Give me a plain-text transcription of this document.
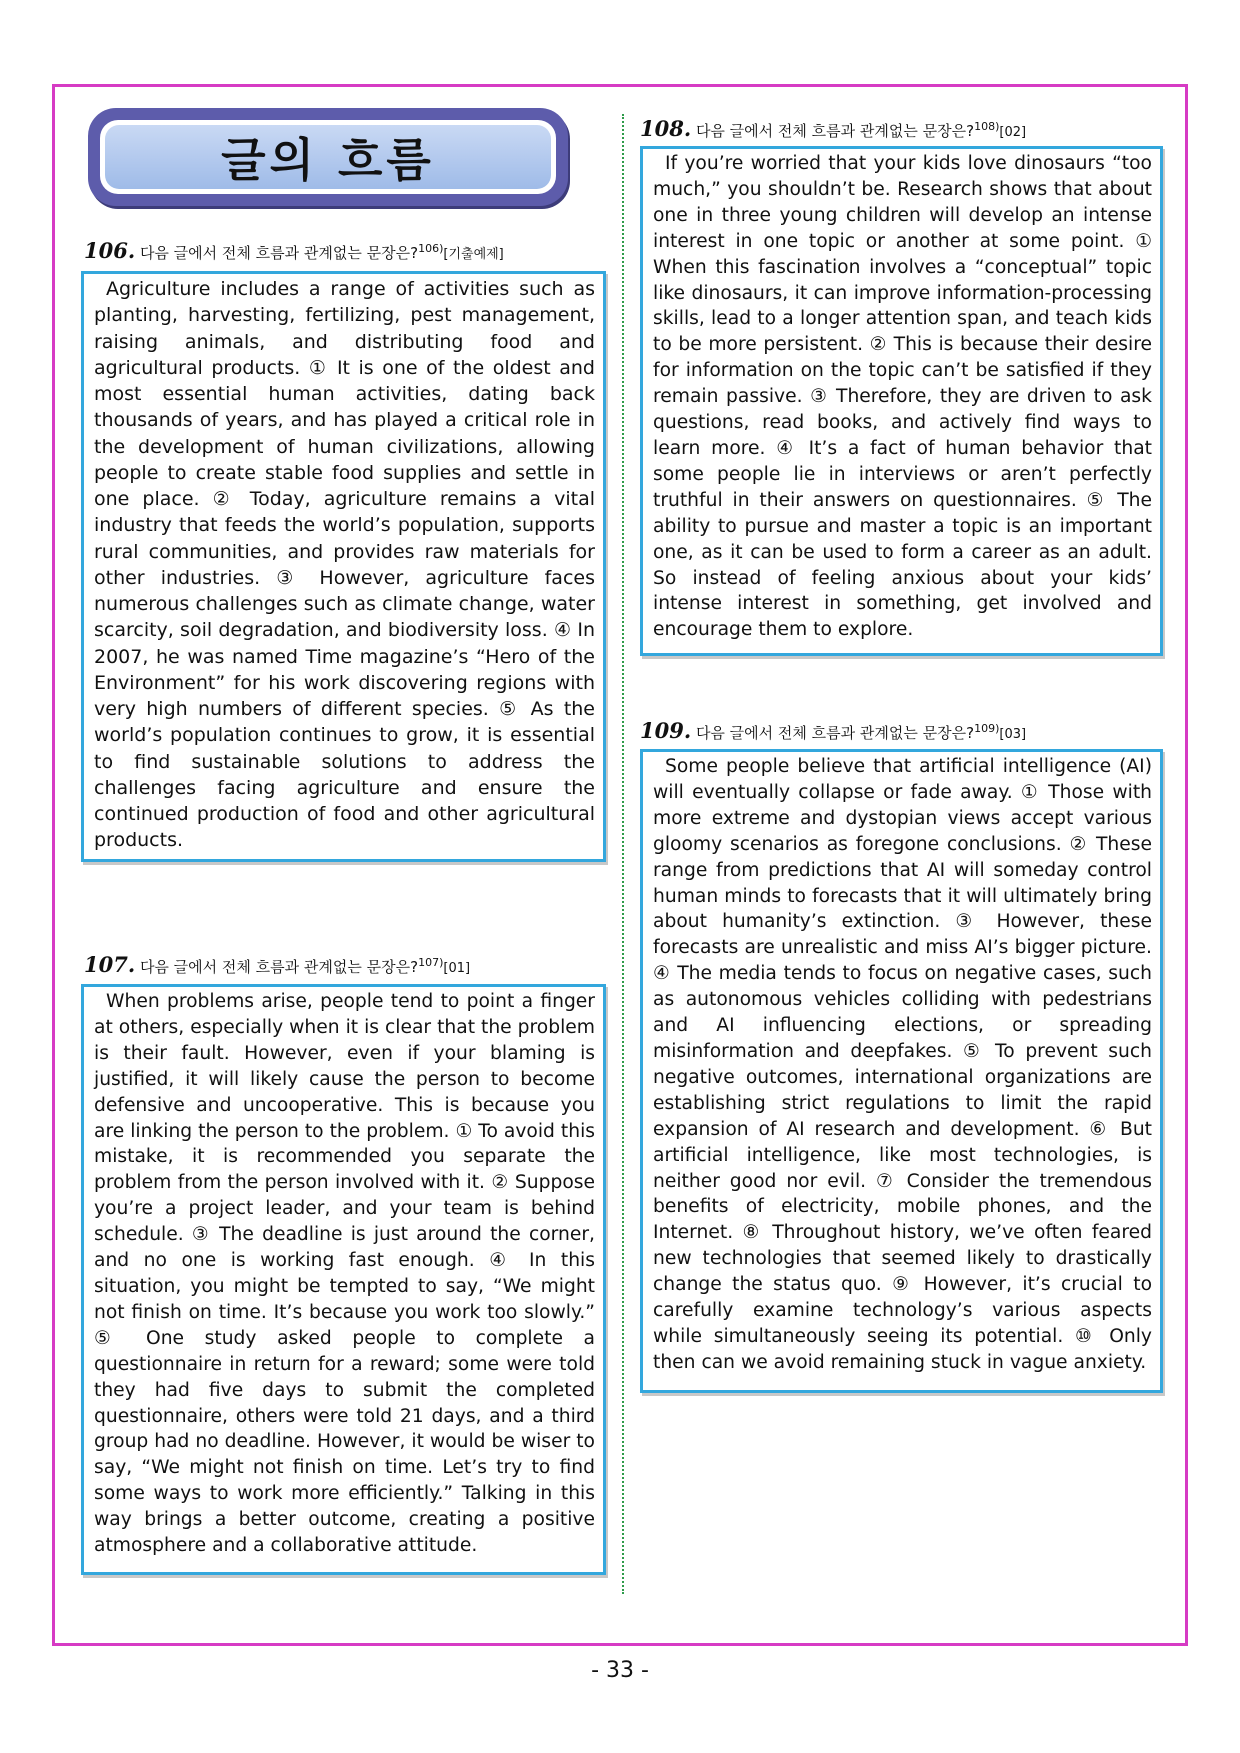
글의 흐름
106. 다음 글에서 전체 흐름과 관계없는 문장은?$^{106)}$[기출예제]

Agriculture includes a range of activities such as planting, harvesting, fertilizing, pest management, raising animals, and distributing food and agricultural products. ① It is one of the oldest and most essential human activities, dating back thousands of years, and has played a critical role in the development of human civilizations, allowing people to create stable food supplies and settle in one place. ② Today, agriculture remains a vital industry that feeds the world’s population, supports rural communities, and provides raw materials for other industries. ③ However, agriculture faces numerous challenges such as climate change, water scarcity, soil degradation, and biodiversity loss. ④ In 2007, he was named Time magazine’s “Hero of the Environment” for his work discovering regions with very high numbers of different species. ⑤ As the world’s population continues to grow, it is essential to find sustainable solutions to address the challenges facing agriculture and ensure the continued production of food and other agricultural products.

107. 다음 글에서 전체 흐름과 관계없는 문장은?$^{107)}$[01]

When problems arise, people tend to point a finger at others, especially when it is clear that the problem is their fault. However, even if your blaming is justified, it will likely cause the person to become defensive and uncooperative. This is because you are linking the person to the problem. ① To avoid this mistake, it is recommended you separate the problem from the person involved with it. ② Suppose you’re a project leader, and your team is behind schedule. ③ The deadline is just around the corner, and no one is working fast enough. ④ In this situation, you might be tempted to say, “We might not finish on time. It’s because you work too slowly.” ⑤ One study asked people to complete a questionnaire in return for a reward; some were told they had five days to submit the completed questionnaire, others were told 21 days, and a third group had no deadline. However, it would be wiser to say, “We might not finish on time. Let’s try to find some ways to work more efficiently.” Talking in this way brings a better outcome, creating a positive atmosphere and a collaborative attitude.

108. 다음 글에서 전체 흐름과 관계없는 문장은?$^{108)}$[02]

If you’re worried that your kids love dinosaurs “too much,” you shouldn’t be. Research shows that about one in three young children will develop an intense interest in one topic or another at some point. ① When this fascination involves a “conceptual” topic like dinosaurs, it can improve information-processing skills, lead to a longer attention span, and teach kids to be more persistent. ② This is because their desire for information on the topic can’t be satisfied if they remain passive. ③ Therefore, they are driven to ask questions, read books, and actively find ways to learn more. ④ It’s a fact of human behavior that some people lie in interviews or aren’t perfectly truthful in their answers on questionnaires. ⑤ The ability to pursue and master a topic is an important one, as it can be used to form a career as an adult. So instead of feeling anxious about your kids’ intense interest in something, get involved and encourage them to explore.

109. 다음 글에서 전체 흐름과 관계없는 문장은?$^{109)}$[03]

Some people believe that artificial intelligence (AI) will eventually collapse or fade away. ① Those with more extreme and dystopian views accept various gloomy scenarios as foregone conclusions. ② These range from predictions that AI will someday control human minds to forecasts that it will ultimately bring about humanity’s extinction. ③ However, these forecasts are unrealistic and miss AI’s bigger picture. ④ The media tends to focus on negative cases, such as autonomous vehicles colliding with pedestrians and AI influencing elections, or spreading misinformation and deepfakes. ⑤ To prevent such negative outcomes, international organizations are establishing strict regulations to limit the rapid expansion of AI research and development. ⑥ But artificial intelligence, like most technologies, is neither good nor evil. ⑦ Consider the tremendous benefits of electricity, mobile phones, and the Internet. ⑧ Throughout history, we’ve often feared new technologies that seemed likely to drastically change the status quo. ⑨ However, it’s crucial to carefully examine technology’s various aspects while simultaneously seeing its potential. ⑩ Only then can we avoid remaining stuck in vague anxiety.

- 33 -
